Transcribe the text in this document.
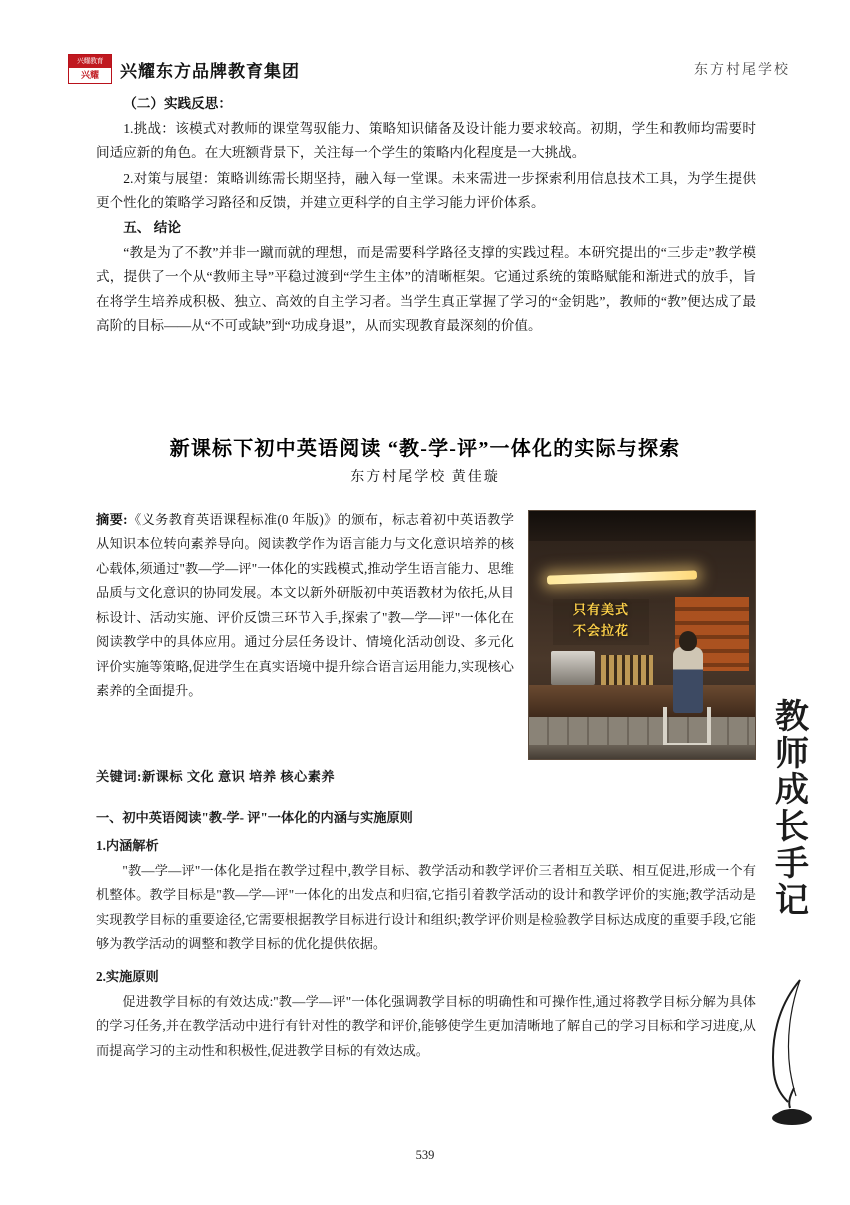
兴耀教育
兴耀	兴耀东方品牌教育集团	东方村尾学校

（二）实践反思：

1.挑战：该模式对教师的课堂驾驭能力、策略知识储备及设计能力要求较高。初期，学生和教师均需要时间适应新的角色。在大班额背景下，关注每一个学生的策略内化程度是一大挑战。

2.对策与展望：策略训练需长期坚持，融入每一堂课。未来需进一步探索利用信息技术工具，为学生提供更个性化的策略学习路径和反馈，并建立更科学的自主学习能力评价体系。

五、 结论

“教是为了不教”并非一蹴而就的理想，而是需要科学路径支撑的实践过程。本研究提出的“三步走”教学模式，提供了一个从“教师主导”平稳过渡到“学生主体”的清晰框架。它通过系统的策略赋能和渐进式的放手，旨在将学生培养成积极、独立、高效的自主学习者。当学生真正掌握了学习的“金钥匙”，教师的“教”便达成了最高阶的目标——从“不可或缺”到“功成身退”，从而实现教育最深刻的价值。

新课标下初中英语阅读 “教-学-评”一体化的实际与探索
东方村尾学校 黄佳璇
只有美式
不会拉花
摘要:《义务教育英语课程标准(0 年版)》的颁布，标志着初中英语教学从知识本位转向素养导向。阅读教学作为语言能力与文化意识培养的核心载体,须通过"教—学—评"一体化的实践模式,推动学生语言能力、思维品质与文化意识的协同发展。本文以新外研版初中英语教材为依托,从目标设计、活动实施、评价反馈三环节入手,探索了"教—学—评"一体化在阅读教学中的具体应用。通过分层任务设计、情境化活动创设、多元化评价实施等策略,促进学生在真实语境中提升综合语言运用能力,实现核心素养的全面提升。
关键词:新课标 文化 意识 培养 核心素养
一、初中英语阅读"教-学- 评"一体化的内涵与实施原则
1.内涵解析
"教—学—评"一体化是指在教学过程中,教学目标、教学活动和教学评价三者相互关联、相互促进,形成一个有机整体。教学目标是"教—学—评"一体化的出发点和归宿,它指引着教学活动的设计和教学评价的实施;教学活动是实现教学目标的重要途径,它需要根据教学目标进行设计和组织;教学评价则是检验教学目标达成度的重要手段,它能够为教学活动的调整和教学目标的优化提供依据。
2.实施原则
促进教学目标的有效达成:"教—学—评"一体化强调教学目标的明确性和可操作性,通过将教学目标分解为具体的学习任务,并在教学活动中进行有针对性的教学和评价,能够使学生更加清晰地了解自己的学习目标和学习进度,从而提高学习的主动性和积极性,促进教学目标的有效达成。
教
师
成
长
手
记
539
